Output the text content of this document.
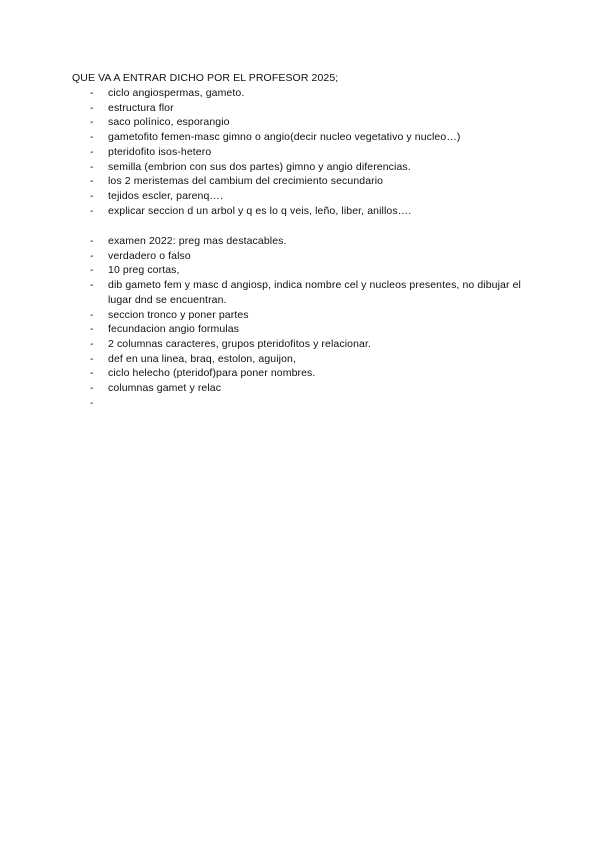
QUE VA A ENTRAR DICHO POR EL PROFESOR 2025;
- ciclo angiospermas, gameto.
- estructura flor
- saco polínico, esporangio
- gametofito femen-masc gimno o angio(decir nucleo vegetativo y nucleo…)
- pteridofito isos-hetero
- semilla (embrion con sus dos partes) gimno y angio diferencias.
- los 2 meristemas del cambium del crecimiento secundario
- tejidos escler, parenq….
- explicar seccion d un arbol y q es lo q veis, leño, liber, anillos….
- examen 2022: preg mas destacables.
- verdadero o falso
- 10 preg cortas,
- dib gameto fem y masc d angiosp, indica nombre cel y nucleos presentes, no dibujar el lugar dnd se encuentran.
- seccion tronco y poner partes
- fecundacion angio formulas
- 2 columnas caracteres, grupos pteridofitos y relacionar.
- def en una linea, braq, estolon, aguijon,
- ciclo helecho (pteridof)para poner nombres.
- columnas gamet y relac
-
